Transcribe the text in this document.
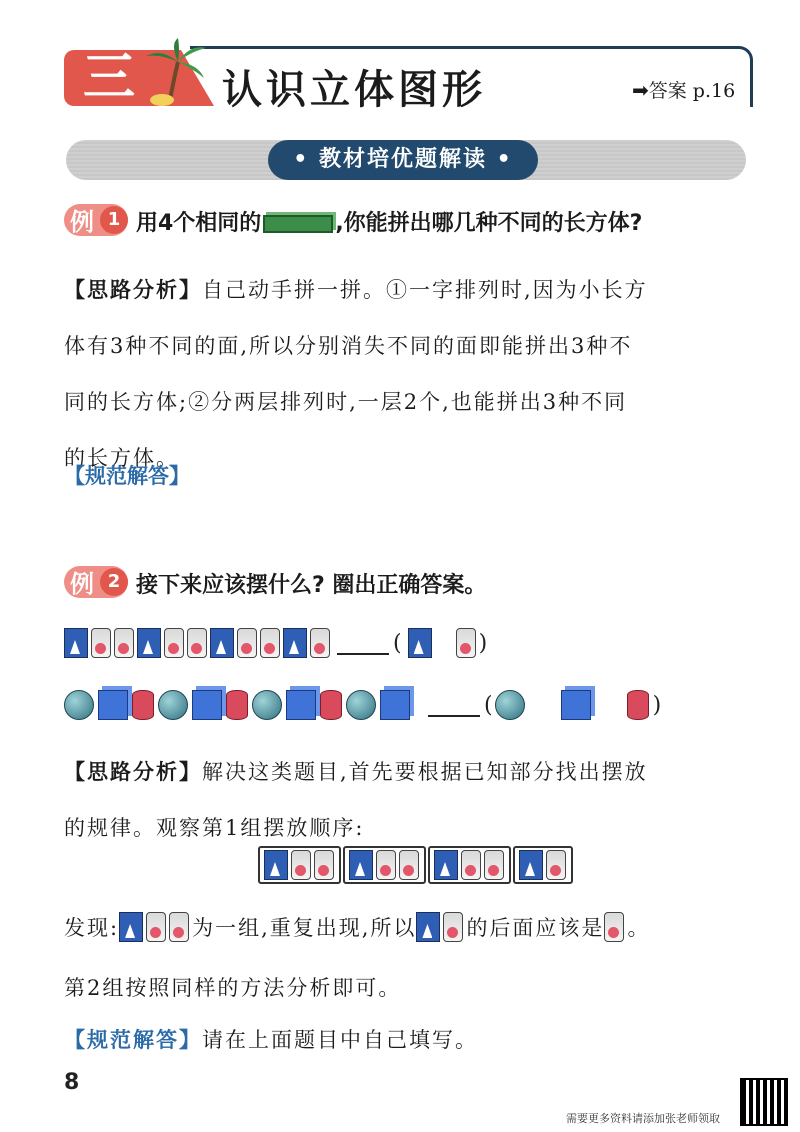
三 认识立体图形	➡答案 p.16
• 教材培优题解读 •
例 1 用4个相同的	,你能拼出哪几种不同的长方体?
【思路分析】自己动手拼一拼。①一字排列时,因为小长方
体有3种不同的面,所以分别消失不同的面即能拼出3种不
同的长方体;②分两层排列时,一层2个,也能拼出3种不同
的长方体。
【规范解答】
例 2 接下来应该摆什么? 圈出正确答案。
(	)
(	)
【思路分析】解决这类题目,首先要根据已知部分找出摆放
的规律。观察第1组摆放顺序:
发现:	为一组,重复出现,所以 的后面应该是 。
第2组按照同样的方法分析即可。
【规范解答】请在上面题目中自己填写。
8
需要更多资料请添加张老师领取
